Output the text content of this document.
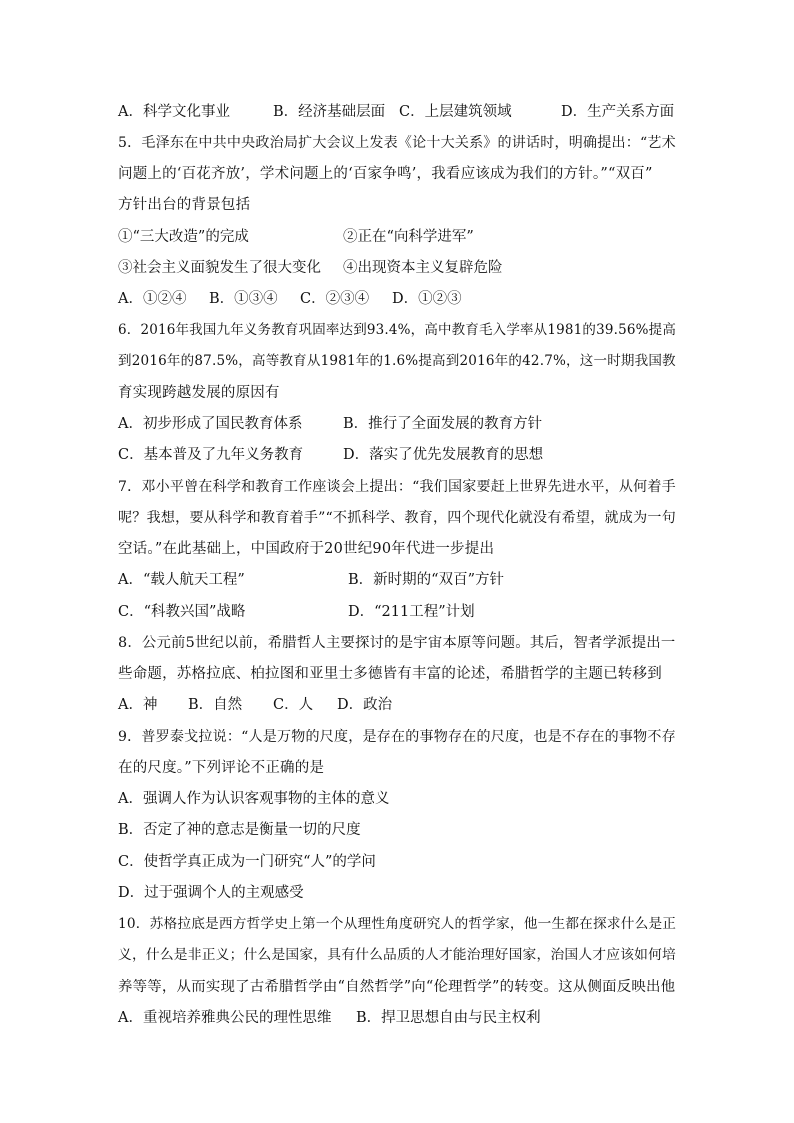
A．科学文化事业	B．经济基础层面 C．上层建筑领域	D．生产关系方面
5．毛泽东在中共中央政治局扩大会议上发表《论十大关系》的讲话时，明确提出：“艺术
问题上的‘百花齐放’，学术问题上的‘百家争鸣’，我看应该成为我们的方针。”“双百”
方针出台的背景包括
①“三大改造”的完成	②正在“向科学进军”
③社会主义面貌发生了很大变化 ④出现资本主义复辟危险
A．①②④ B．①③④ C．②③④ D．①②③
6．2016年我国九年义务教育巩固率达到93.4%，高中教育毛入学率从1981的39.56%提高
到2016年的87.5%，高等教育从1981年的1.6%提高到2016年的42.7%，这一时期我国教
育实现跨越发展的原因有
A．初步形成了国民教育体系	B．推行了全面发展的教育方针
C．基本普及了九年义务教育	D．落实了优先发展教育的思想
7．邓小平曾在科学和教育工作座谈会上提出：“我们国家要赶上世界先进水平，从何着手
呢？我想，要从科学和教育着手”“不抓科学、教育，四个现代化就没有希望，就成为一句
空话。”在此基础上，中国政府于20世纪90年代进一步提出
A．“载人航天工程”	B．新时期的“双百”方针
C．“科教兴国”战略	D．“211工程”计划
8．公元前5世纪以前，希腊哲人主要探讨的是宇宙本原等问题。其后，智者学派提出一
些命题，苏格拉底、柏拉图和亚里士多德皆有丰富的论述，希腊哲学的主题已转移到
A．神 B．自然 C．人 D．政治
9．普罗泰戈拉说：“人是万物的尺度，是存在的事物存在的尺度，也是不存在的事物不存
在的尺度。”下列评论不正确的是
A．强调人作为认识客观事物的主体的意义
B．否定了神的意志是衡量一切的尺度
C．使哲学真正成为一门研究“人”的学问
D．过于强调个人的主观感受
10．苏格拉底是西方哲学史上第一个从理性角度研究人的哲学家，他一生都在探求什么是正
义，什么是非正义；什么是国家，具有什么品质的人才能治理好国家，治国人才应该如何培
养等等，从而实现了古希腊哲学由“自然哲学”向“伦理哲学”的转变。这从侧面反映出他
A．重视培养雅典公民的理性思维 B．捍卫思想自由与民主权利
